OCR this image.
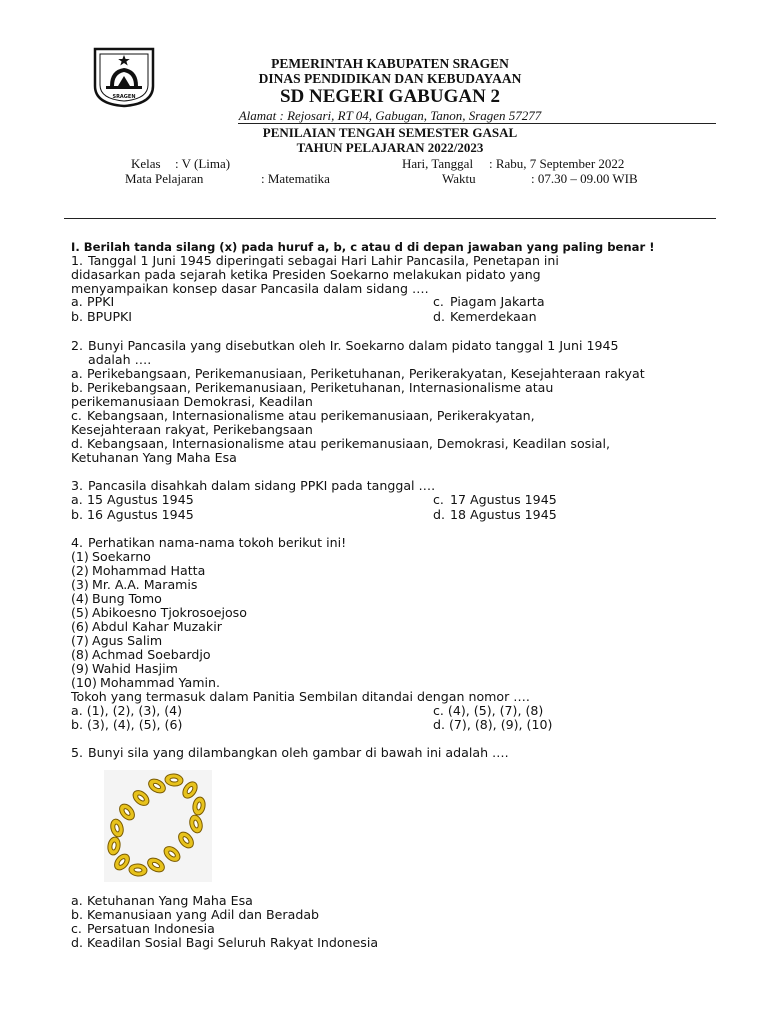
SRAGEN
PEMERINTAH KABUPATEN SRAGEN
DINAS PENDIDIKAN DAN KEBUDAYAAN
SD NEGERI GABUGAN 2
Alamat : Rejosari, RT 04, Gabugan, Tanon, Sragen 57277
PENILAIAN TENGAH SEMESTER GASAL
TAHUN PELAJARAN 2022/2023
Kelas : V (Lima)	Hari, Tanggal : Rabu, 7 September 2022
Mata Pelajaran	: Matematika	Waktu	: 07.30 – 09.00 WIB
I. Berilah tanda silang (x) pada huruf a, b, c atau d di depan jawaban yang paling benar !
1. Tanggal 1 Juni 1945 diperingati sebagai Hari Lahir Pancasila, Penetapan ini
didasarkan pada sejarah ketika Presiden Soekarno melakukan pidato yang
menyampaikan konsep dasar Pancasila dalam sidang ….
a. PPKI	c. Piagam Jakarta
b. BPUPKI	d. Kemerdekaan
2. Bunyi Pancasila yang disebutkan oleh Ir. Soekarno dalam pidato tanggal 1 Juni 1945
adalah ….
a. Perikebangsaan, Perikemanusiaan, Periketuhanan, Perikerakyatan, Kesejahteraan rakyat
b. Perikebangsaan, Perikemanusiaan, Periketuhanan, Internasionalisme atau
perikemanusiaan Demokrasi, Keadilan
c. Kebangsaan, Internasionalisme atau perikemanusiaan, Perikerakyatan,
Kesejahteraan rakyat, Perikebangsaan
d. Kebangsaan, Internasionalisme atau perikemanusiaan, Demokrasi, Keadilan sosial,
Ketuhanan Yang Maha Esa
3. Pancasila disahkah dalam sidang PPKI pada tanggal ….
a. 15 Agustus 1945	c. 17 Agustus 1945
b. 16 Agustus 1945	d. 18 Agustus 1945
4. Perhatikan nama-nama tokoh berikut ini!
(1) Soekarno
(2) Mohammad Hatta
(3) Mr. A.A. Maramis
(4) Bung Tomo
(5) Abikoesno Tjokrosoejoso
(6) Abdul Kahar Muzakir
(7) Agus Salim
(8) Achmad Soebardjo
(9) Wahid Hasjim
(10) Mohammad Yamin.
Tokoh yang termasuk dalam Panitia Sembilan ditandai dengan nomor ….
a. (1), (2), (3), (4)	c. (4), (5), (7), (8)
b. (3), (4), (5), (6)	d. (7), (8), (9), (10)
5. Bunyi sila yang dilambangkan oleh gambar di bawah ini adalah ….
a. Ketuhanan Yang Maha Esa
b. Kemanusiaan yang Adil dan Beradab
c. Persatuan Indonesia
d. Keadilan Sosial Bagi Seluruh Rakyat Indonesia
